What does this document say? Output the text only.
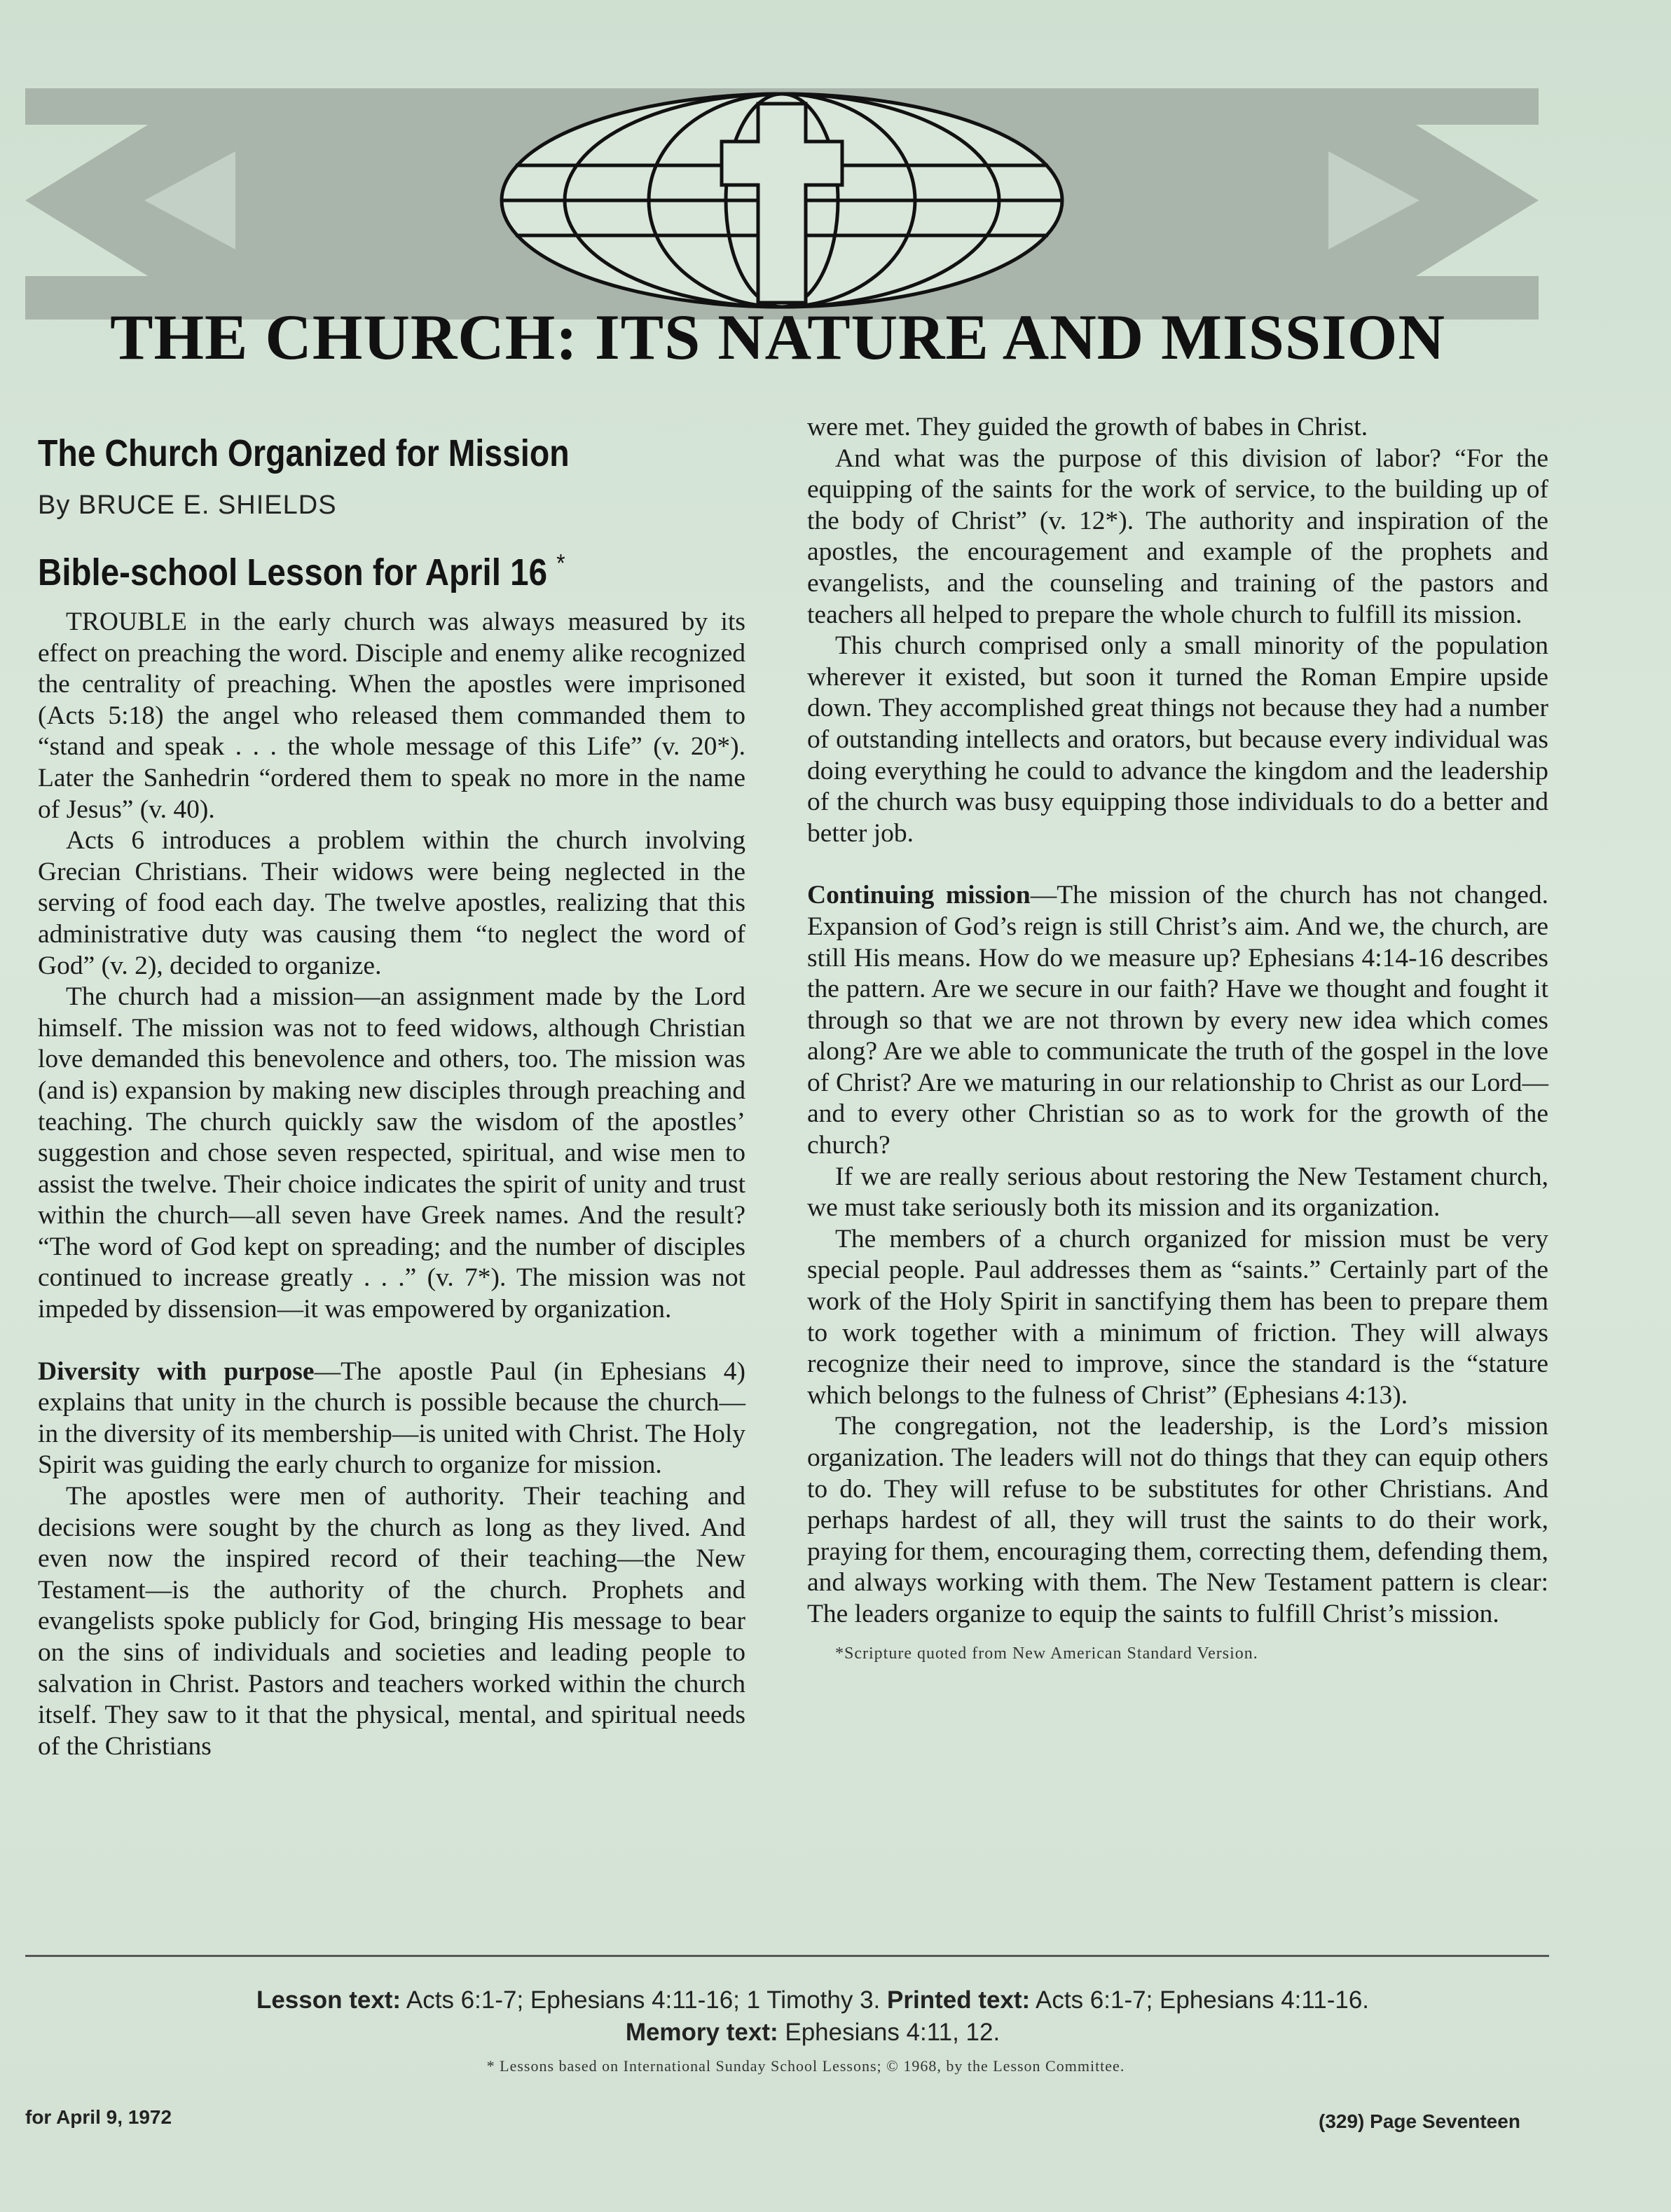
THE CHURCH: ITS NATURE AND MISSION
The Church Organized for Mission
By BRUCE E. SHIELDS
Bible-school Lesson for April 16 *

TROUBLE in the early church was always measured by its effect on preaching the word. Disciple and enemy alike recognized the centrality of preaching. When the apostles were imprisoned (Acts 5:18) the angel who released them commanded them to “stand and speak . . . the whole message of this Life” (v. 20*). Later the Sanhedrin “ordered them to speak no more in the name of Jesus” (v. 40).

Acts 6 introduces a problem within the church involving Grecian Christians. Their widows were being neglected in the serving of food each day. The twelve apostles, realizing that this administrative duty was causing them “to neglect the word of God” (v. 2), decided to organize.

The church had a mission—an assignment made by the Lord himself. The mission was not to feed widows, although Christian love demanded this benevolence and others, too. The mission was (and is) expansion by making new disciples through preaching and teaching. The church quickly saw the wisdom of the apostles’ suggestion and chose seven respected, spiritual, and wise men to assist the twelve. Their choice indicates the spirit of unity and trust within the church—all seven have Greek names. And the result? “The word of God kept on spreading; and the number of disciples continued to increase greatly . . .” (v. 7*). The mission was not impeded by dissension—it was empowered by organization.

Diversity with purpose—The apostle Paul (in Ephesians 4) explains that unity in the church is possible because the church—in the diversity of its membership—is united with Christ. The Holy Spirit was guiding the early church to organize for mission.

The apostles were men of authority. Their teaching and decisions were sought by the church as long as they lived. And even now the inspired record of their teaching—the New Testament—is the authority of the church. Prophets and evangelists spoke publicly for God, bringing His message to bear on the sins of individuals and societies and leading people to salvation in Christ. Pastors and teachers worked within the church itself. They saw to it that the physical, mental, and spiritual needs of the Christians

were met. They guided the growth of babes in Christ.

And what was the purpose of this division of labor? “For the equipping of the saints for the work of service, to the building up of the body of Christ” (v. 12*). The authority and inspiration of the apostles, the encouragement and example of the prophets and evangelists, and the counseling and training of the pastors and teachers all helped to prepare the whole church to fulfill its mission.

This church comprised only a small minority of the population wherever it existed, but soon it turned the Roman Empire upside down. They accomplished great things not because they had a number of outstanding intellects and orators, but because every individual was doing everything he could to advance the kingdom and the leadership of the church was busy equipping those individuals to do a better and better job.

Continuing mission—The mission of the church has not changed. Expansion of God’s reign is still Christ’s aim. And we, the church, are still His means. How do we measure up? Ephesians 4:14-16 describes the pattern. Are we secure in our faith? Have we thought and fought it through so that we are not thrown by every new idea which comes along? Are we able to communicate the truth of the gospel in the love of Christ? Are we maturing in our relationship to Christ as our Lord—and to every other Christian so as to work for the growth of the church?

If we are really serious about restoring the New Testament church, we must take seriously both its mission and its organization.

The members of a church organized for mission must be very special people. Paul addresses them as “saints.” Certainly part of the work of the Holy Spirit in sanctifying them has been to prepare them to work together with a minimum of friction. They will always recognize their need to improve, since the standard is the “stature which belongs to the fulness of Christ” (Ephesians 4:13).

The congregation, not the leadership, is the Lord’s mission organization. The leaders will not do things that they can equip others to do. They will refuse to be substitutes for other Christians. And perhaps hardest of all, they will trust the saints to do their work, praying for them, encouraging them, correcting them, defending them, and always working with them. The New Testament pattern is clear: The leaders organize to equip the saints to fulfill Christ’s mission.

*Scripture quoted from New American Standard Version.
Lesson text: Acts 6:1-7; Ephesians 4:11-16; 1 Timothy 3. Printed text: Acts 6:1-7; Ephesians 4:11-16.
Memory text: Ephesians 4:11, 12.
* Lessons based on International Sunday School Lessons; © 1968, by the Lesson Committee.
for April 9, 1972	(329) Page Seventeen
